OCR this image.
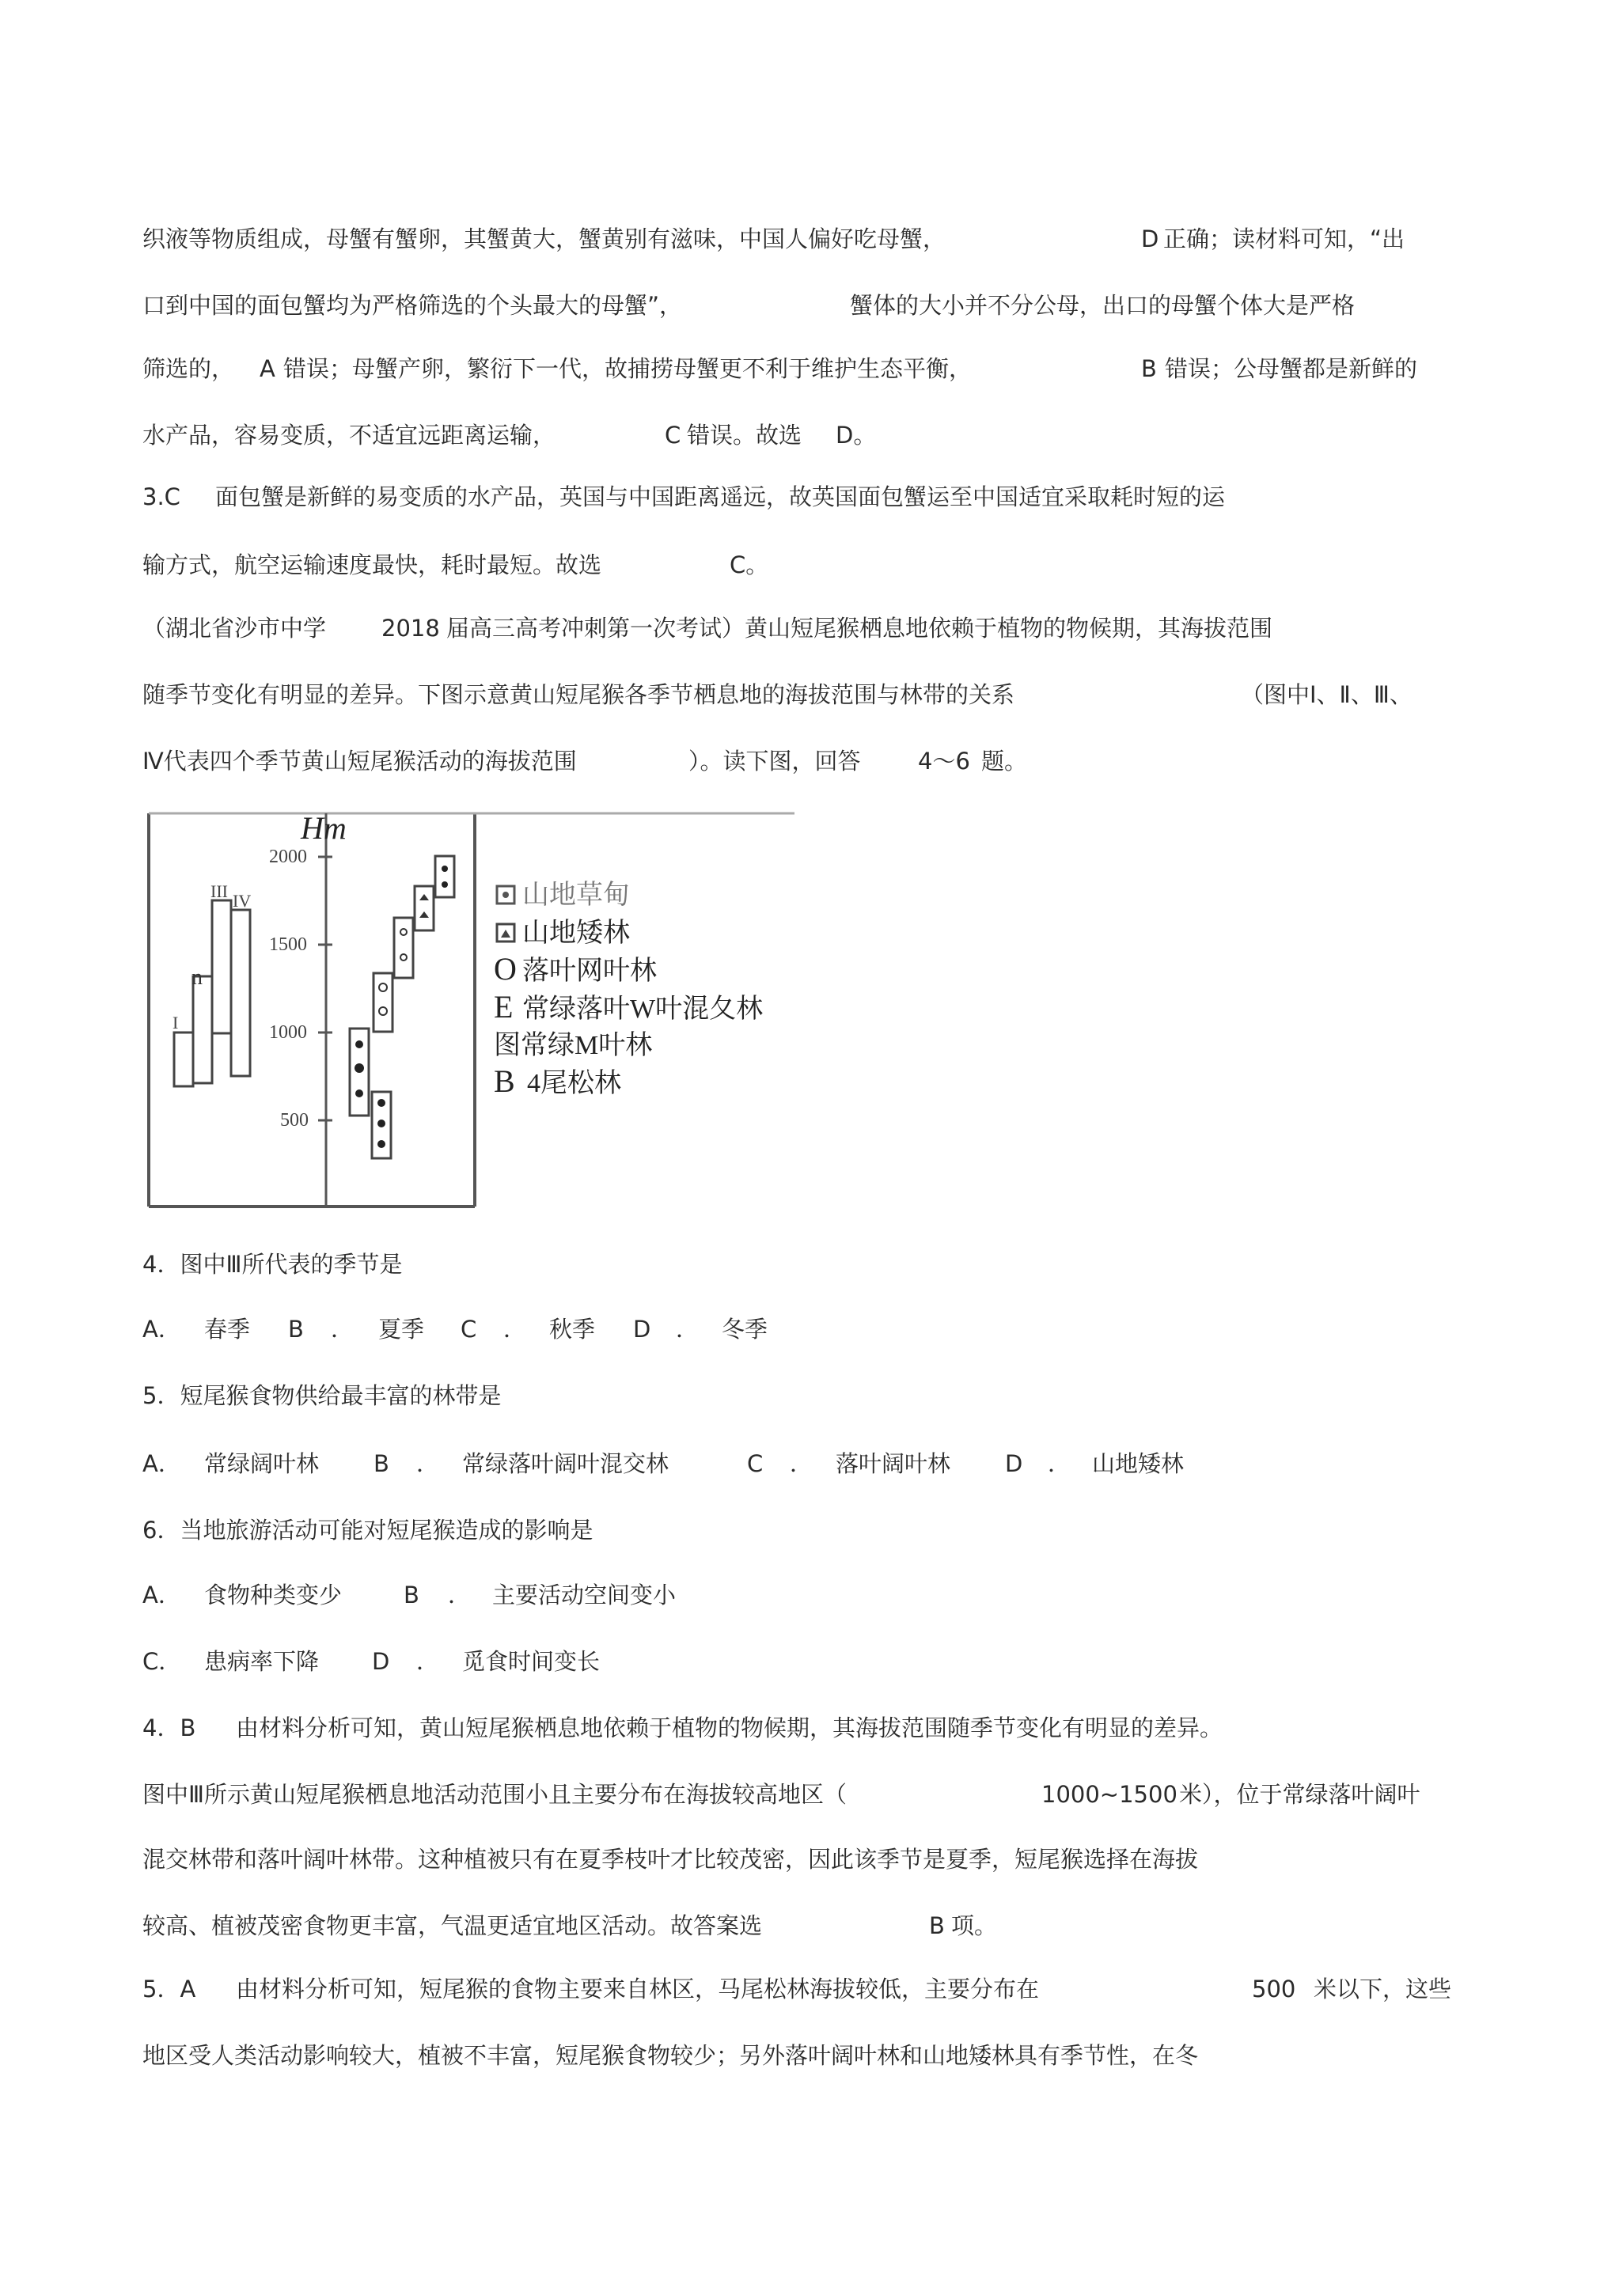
织液等物质组成，母蟹有蟹卵，其蟹黄大，蟹黄别有滋味，中国人偏好吃母蟹，	D 正确；读材料可知，“出

口到中国的面包蟹均为严格筛选的个头最大的母蟹”，	蟹体的大小并不分公母，出口的母蟹个体大是严格

筛选的， A 错误；母蟹产卵，繁衍下一代，故捕捞母蟹更不利于维护生态平衡，	B 错误；公母蟹都是新鲜的

水产品，容易变质，不适宜远距离运输，	C 错误。故选 D。

3.C 面包蟹是新鲜的易变质的水产品，英国与中国距离遥远，故英国面包蟹运至中国适宜采取耗时短的运

输方式，航空运输速度最快，耗时最短。故选	C。

（湖北省沙市中学 2018 届高三高考冲刺第一次考试）黄山短尾猴栖息地依赖于植物的物候期，其海拔范围

随季节变化有明显的差异。下图示意黄山短尾猴各季节栖息地的海拔范围与林带的关系	（图中Ⅰ、Ⅱ、Ⅲ、

Ⅳ代表四个季节黄山短尾猴活动的海拔范围	）。读下图，回答 4～6 题。

Hm
2000
1500
1000
500
I
n
III IV	山地草甸
山地矮林
O 落叶网叶林
E 常绿落叶W叶混夂林
图常绿M叶林
B 4尾松林

4．图中Ⅲ所代表的季节是

A． 春季 B ． 夏季 C ． 秋季 D ． 冬季

5．短尾猴食物供给最丰富的林带是

A． 常绿阔叶林 B ． 常绿落叶阔叶混交林	C ． 落叶阔叶林 D ． 山地矮林

6．当地旅游活动可能对短尾猴造成的影响是

A． 食物种类变少	B ． 主要活动空间变小

C． 患病率下降 D ． 觅食时间变长

4．B 由材料分析可知，黄山短尾猴栖息地依赖于植物的物候期，其海拔范围随季节变化有明显的差异。

图中Ⅲ所示黄山短尾猴栖息地活动范围小且主要分布在海拔较高地区（	1000~1500 米），位于常绿落叶阔叶

混交林带和落叶阔叶林带。这种植被只有在夏季枝叶才比较茂密，因此该季节是夏季，短尾猴选择在海拔

较高、植被茂密食物更丰富，气温更适宜地区活动。故答案选	B 项。

5．A 由材料分析可知，短尾猴的食物主要来自林区，马尾松林海拔较低，主要分布在	500 米以下，这些

地区受人类活动影响较大，植被不丰富，短尾猴食物较少；另外落叶阔叶林和山地矮林具有季节性，在冬
